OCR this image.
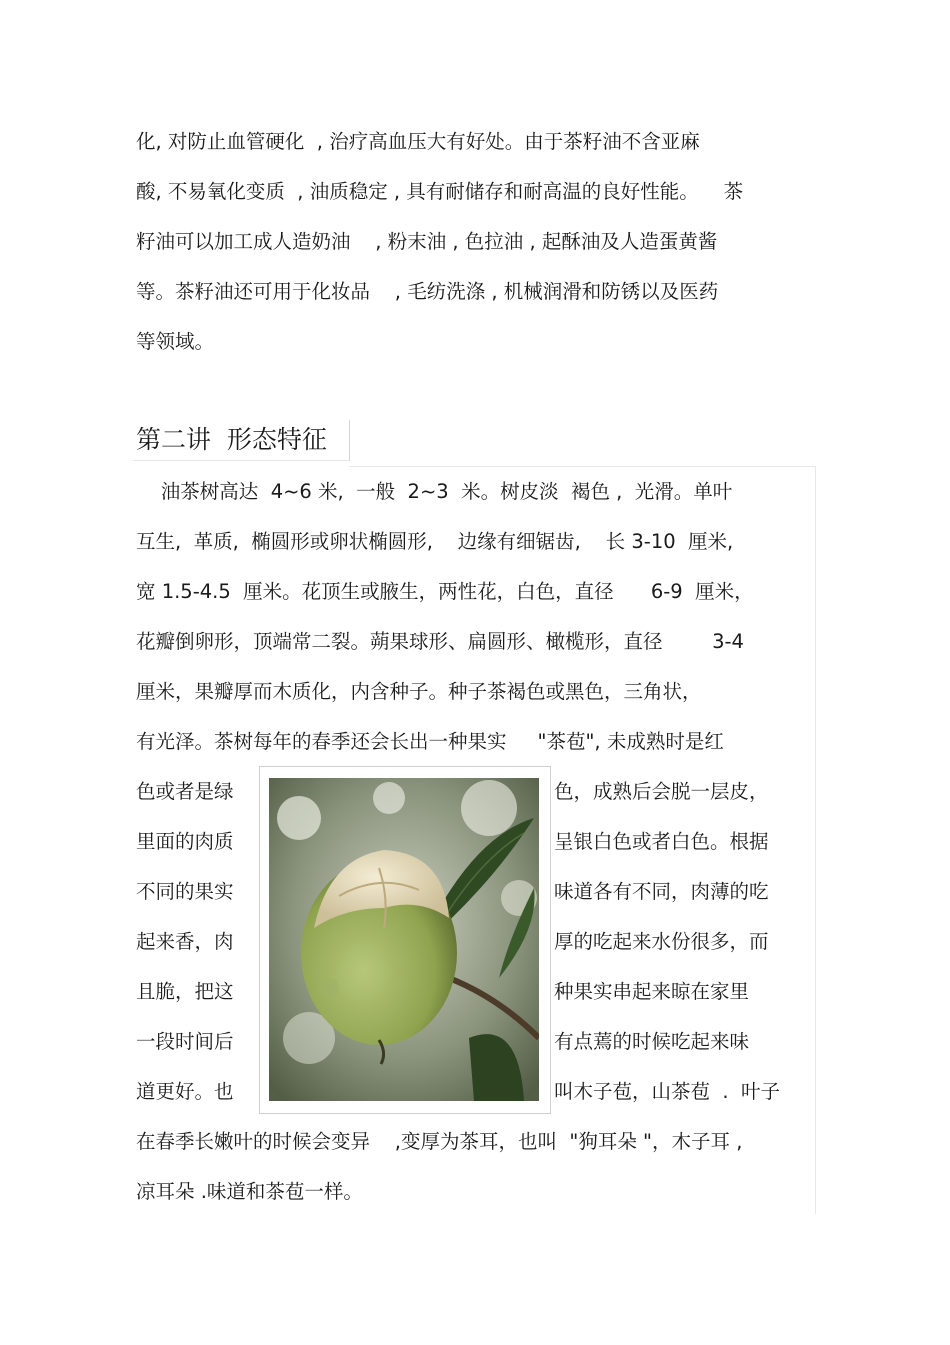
化, 对防止血管硬化  , 治疗高血压大有好处。由于茶籽油不含亚麻
酸, 不易氧化变质  , 油质稳定 , 具有耐储存和耐高温的良好性能。    茶
籽油可以加工成人造奶油    , 粉末油 , 色拉油 , 起酥油及人造蛋黄酱
等。茶籽油还可用于化妆品    , 毛纺洗涤 , 机械润滑和防锈以及医药
等领域。
第二讲  形态特征
油茶树高达  4~6 米,  一般  2~3  米。树皮淡  褐色 ,  光滑。单叶
互生,  革质,  椭圆形或卵状椭圆形,    边缘有细锯齿,    长 3-10  厘米,
宽 1.5-4.5  厘米。花顶生或腋生，两性花，白色，直径      6-9  厘米，
花瓣倒卵形，顶端常二裂。蒴果球形、扁圆形、橄榄形，直径        3-4
厘米，果瓣厚而木质化，内含种子。种子茶褐色或黑色，三角状，
有光泽。茶树每年的春季还会长出一种果实     "茶苞", 未成熟时是红
色或者是绿
里面的肉质
不同的果实
起来香，肉
且脆，把这
一段时间后
道更好。也
色，成熟后会脱一层皮，
呈银白色或者白色。根据
味道各有不同，肉薄的吃
厚的吃起来水份很多，而
种果实串起来晾在家里
有点蔫的时候吃起来味
叫木子苞，山茶苞  .  叶子
在春季长嫩叶的时候会变异    ,变厚为茶耳，也叫  "狗耳朵 "，木子耳 ,
凉耳朵 .味道和茶苞一样。
